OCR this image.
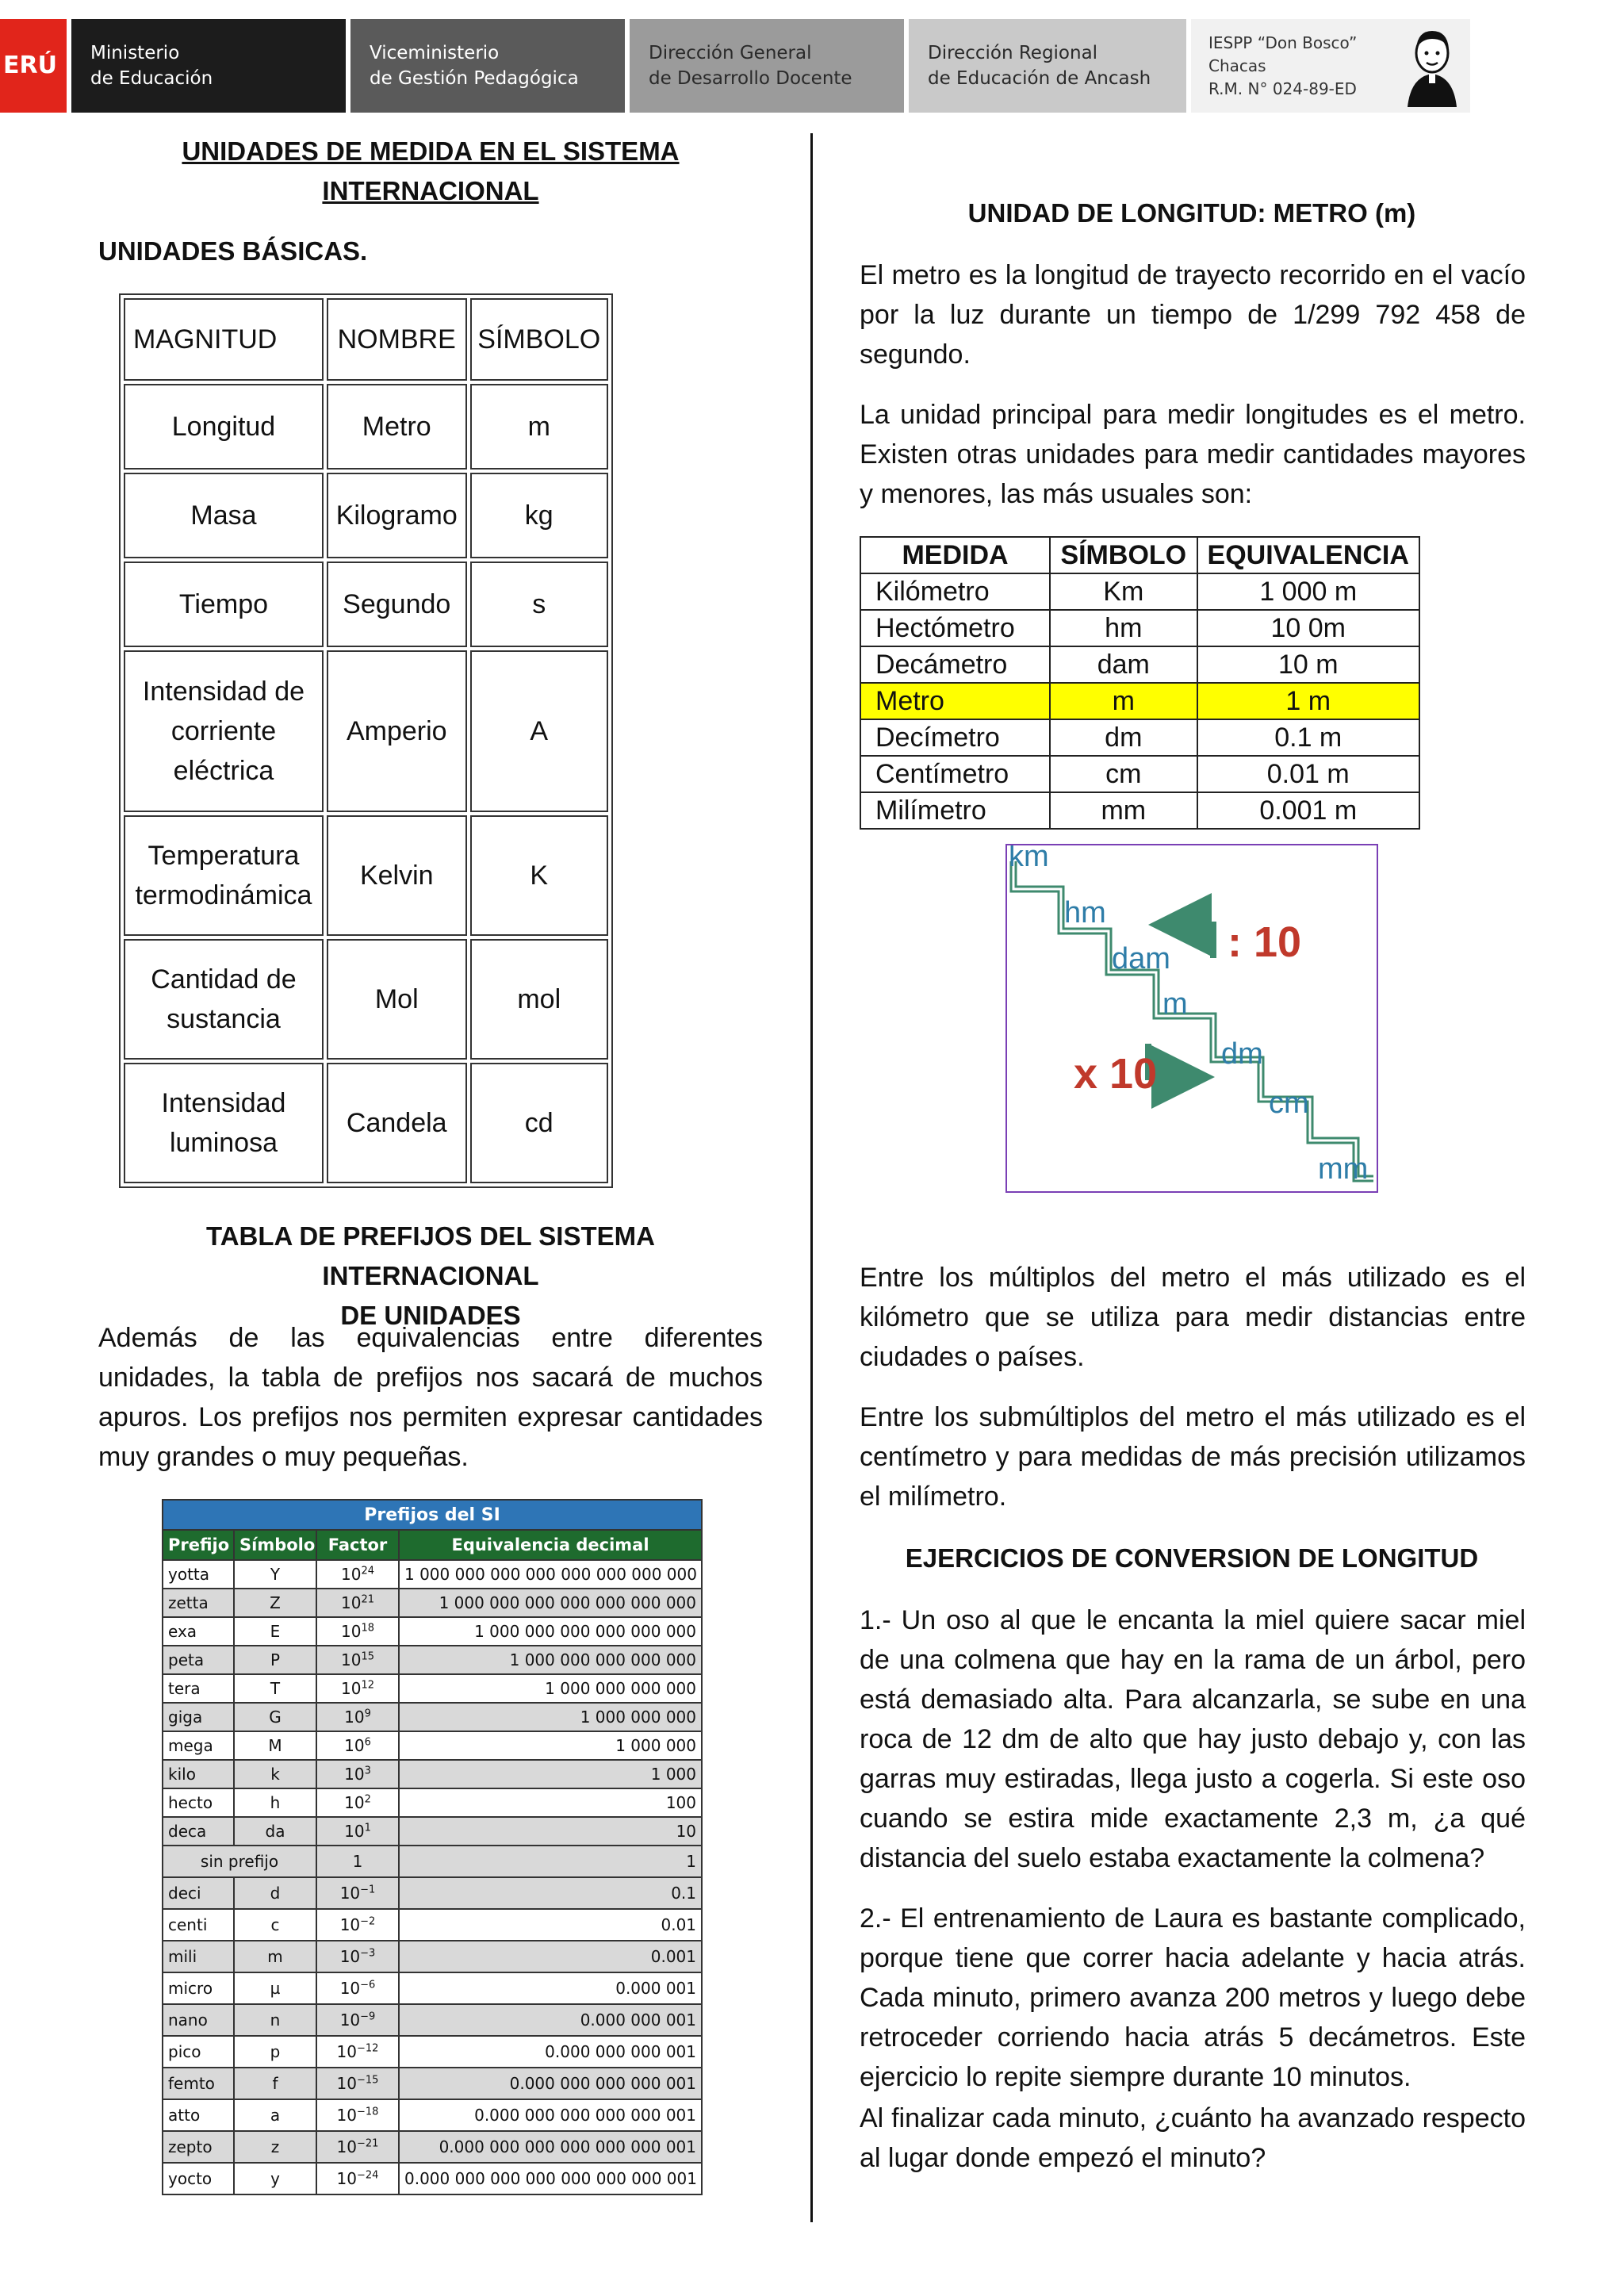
ERÚ	Ministerio
de Educación
Viceministerio
de Gestión Pedagógica
Dirección General
de Desarrollo Docente
Dirección Regional
de Educación de Ancash
IESPP “Don Bosco”
Chacas
R.M. N° 024-89-ED
UNIDADES DE MEDIDA EN EL SISTEMA
INTERNACIONAL
UNIDADES BÁSICAS.
MAGNITUD	NOMBRE	SÍMBOLO
Longitud	Metro	m
Masa	Kilogramo	kg
Tiempo	Segundo	s

Intensidad de
corriente
eléctrica	Amperio	A

Temperatura
termodinámica	Kelvin	K

Cantidad de
sustancia	Mol	mol

Intensidad
luminosa	Candela	cd
TABLA DE PREFIJOS DEL SISTEMA INTERNACIONAL
DE UNIDADES

Además de las equivalencias entre diferentes unidades, la tabla de prefijos nos sacará de muchos apuros. Los prefijos nos permiten expresar cantidades muy grandes o muy pequeñas.

Prefijos del SI			
Prefijo	Símbolo	Factor	Equivalencia decimal
yotta	Y	$10^{24}$	1 000 000 000 000 000 000 000 000
zetta	Z	$10^{21}$	1 000 000 000 000 000 000 000
exa	E	$10^{18}$	1 000 000 000 000 000 000
peta	P	$10^{15}$	1 000 000 000 000 000
tera	T	$10^{12}$	1 000 000 000 000
giga	G	$10^9$	1 000 000 000
mega	M	$10^6$	1 000 000
kilo	k	$10^3$	1 000
hecto	h	$10^2$	100
deca	da	$10^1$	10
sin prefijo		1	1
deci	d	$10^{-1}$	0.1
centi	c	$10^{-2}$	0.01
mili	m	$10^{-3}$	0.001
micro	µ	$10^{-6}$	0.000 001
nano	n	$10^{-9}$	0.000 000 001
pico	p	$10^{-12}$	0.000 000 000 001
femto	f	$10^{-15}$	0.000 000 000 000 001
atto	a	$10^{-18}$	0.000 000 000 000 000 001
zepto	z	$10^{-21}$	0.000 000 000 000 000 000 001
yocto	y	$10^{-24}$	0.000 000 000 000 000 000 000 001
UNIDAD DE LONGITUD: METRO (m)

El metro es la longitud de trayecto recorrido en el vacío por la luz durante un tiempo de 1/299 792 458 de segundo.

La unidad principal para medir longitudes es el metro. Existen otras unidades para medir cantidades mayores y menores, las más usuales son:

MEDIDA	SÍMBOLO	EQUIVALENCIA
Kilómetro	Km	1 000 m
Hectómetro	hm	10 0m
Decámetro	dam	10 m
Metro	m	1 m
Decímetro	dm	0.1 m
Centímetro	cm	0.01 m
Milímetro	mm	0.001 m
km
hm
dam
m
dm
cm
mm
: 10
x 10

Entre los múltiplos del metro el más utilizado es el kilómetro que se utiliza para medir distancias entre ciudades o países.

Entre los submúltiplos del metro el más utilizado es el centímetro y para medidas de más precisión utilizamos el milímetro.

EJERCICIOS DE CONVERSION DE LONGITUD

1.- Un oso al que le encanta la miel quiere sacar miel de una colmena que hay en la rama de un árbol, pero está demasiado alta. Para alcanzarla, se sube en una roca de 12 dm de alto que hay justo debajo y, con las garras muy estiradas, llega justo a cogerla. Si este oso cuando se estira mide exactamente 2,3 m, ¿a qué distancia del suelo estaba exactamente la colmena?

2.- El entrenamiento de Laura es bastante complicado, porque tiene que correr hacia adelante y hacia atrás. Cada minuto, primero avanza 200 metros y luego debe retroceder corriendo hacia atrás 5 decámetros. Este ejercicio lo repite siempre durante 10 minutos.

Al finalizar cada minuto, ¿cuánto ha avanzado respecto al lugar donde empezó el minuto?
